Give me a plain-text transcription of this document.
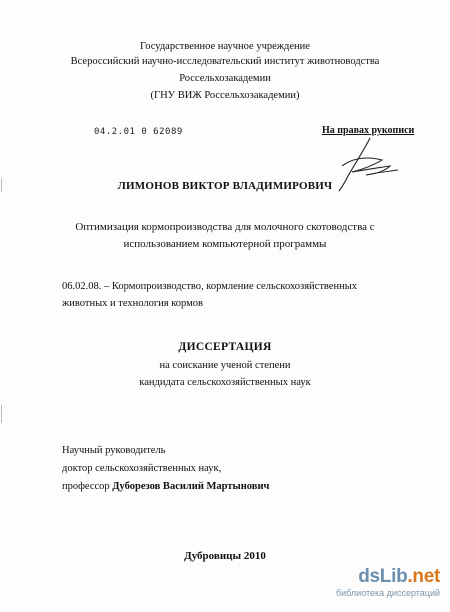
Государственное научное учреждение
Всероссийский научно-исследовательский институт животноводства
Россельхозакадемии
(ГНУ ВИЖ Россельхозакадемии)
04.2.01 0 62089	На правах рукописи
ЛИМОНОВ ВИКТОР ВЛАДИМИРОВИЧ
Оптимизация кормопроизводства для молочного скотоводства с
использованием компьютерной программы
06.02.08. – Кормопроизводство, кормление сельскохозяйственных
животных и технология кормов
ДИССЕРТАЦИЯ
на соискание ученой степени
кандидата сельскохозяйственных наук
Научный руководитель
доктор сельскохозяйственных наук,
профессор Дуборезов Василий Мартынович
Дубровицы 2010
dsLib.net
библиотека диссертаций
